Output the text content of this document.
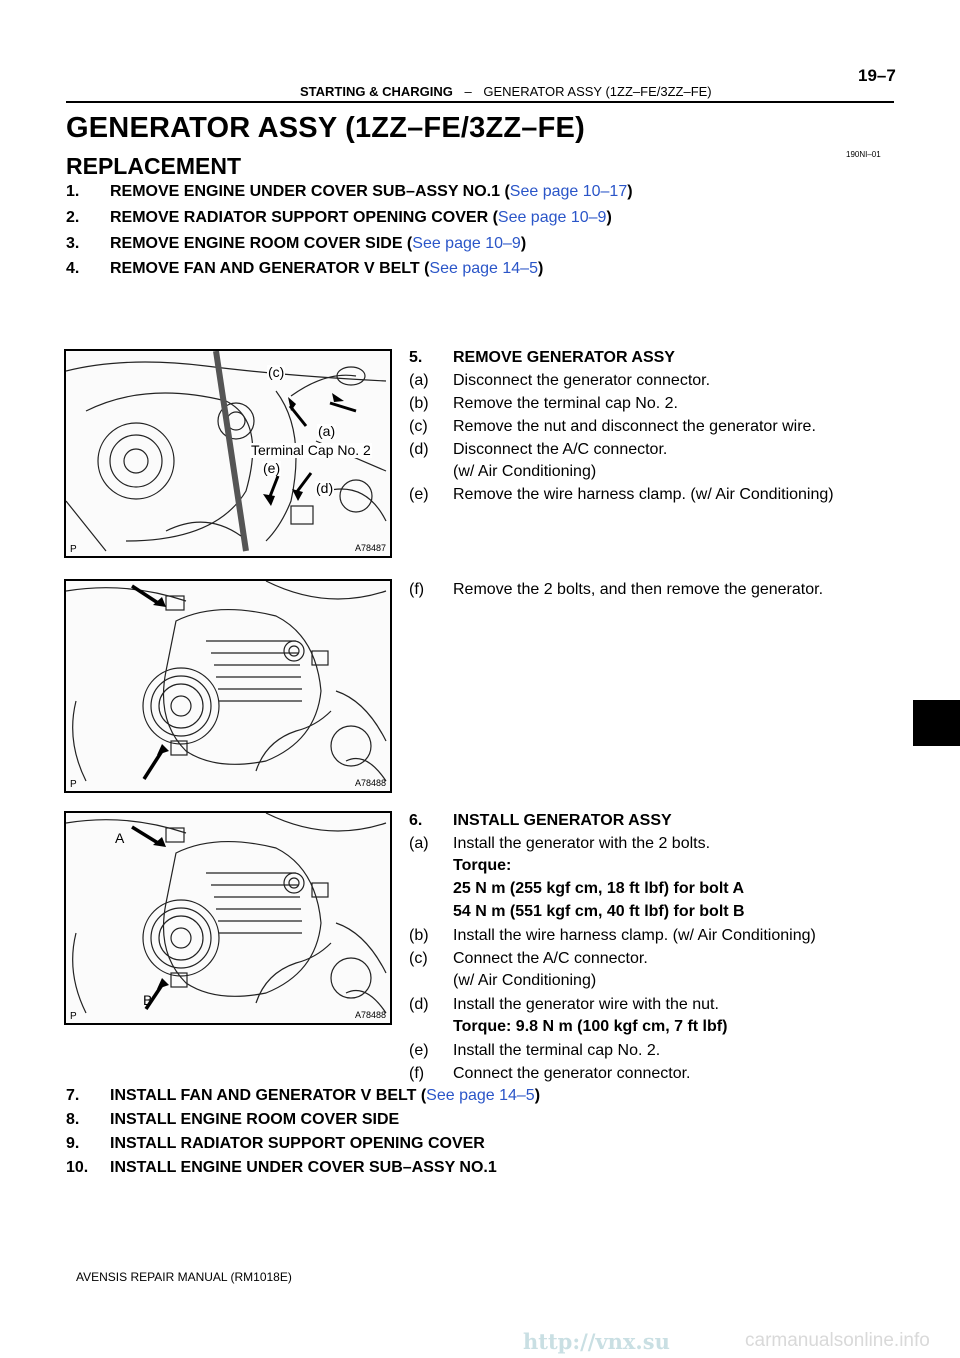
19–7
STARTING & CHARGING – GENERATOR ASSY (1ZZ–FE/3ZZ–FE)
GENERATOR ASSY (1ZZ–FE/3ZZ–FE)
REPLACEMENT	190NI–01
1. REMOVE ENGINE UNDER COVER SUB–ASSY NO.1 (See page 10–17)
2. REMOVE RADIATOR SUPPORT OPENING COVER (See page 10–9)
3. REMOVE ENGINE ROOM COVER SIDE (See page 10–9)
4. REMOVE FAN AND GENERATOR V BELT (See page 14–5)
(c)
(a)
Terminal Cap No. 2
(e)
(d)
P	A78487
5. REMOVE GENERATOR ASSY
(a) Disconnect the generator connector.
(b) Remove the terminal cap No. 2.
(c) Remove the nut and disconnect the generator wire.
(d) Disconnect the A/C connector.
(w/ Air Conditioning)
(e) Remove the wire harness clamp. (w/ Air Conditioning)
P	A78488
(f) Remove the 2 bolts, and then remove the generator.
A
B
P	A78488
6. INSTALL GENERATOR ASSY
(a) Install the generator with the 2 bolts.
Torque:
25 N m (255 kgf cm, 18 ft lbf) for bolt A
54 N m (551 kgf cm, 40 ft lbf) for bolt B
(b) Install the wire harness clamp. (w/ Air Conditioning)
(c) Connect the A/C connector.
(w/ Air Conditioning)
(d) Install the generator wire with the nut.
Torque: 9.8 N m (100 kgf cm, 7 ft lbf)
(e) Install the terminal cap No. 2.
(f) Connect the generator connector.
7. INSTALL FAN AND GENERATOR V BELT (See page 14–5)
8. INSTALL ENGINE ROOM COVER SIDE
9. INSTALL RADIATOR SUPPORT OPENING COVER
10. INSTALL ENGINE UNDER COVER SUB–ASSY NO.1
AVENSIS REPAIR MANUAL (RM1018E)
http://vnx.su	carmanualsonline.info
